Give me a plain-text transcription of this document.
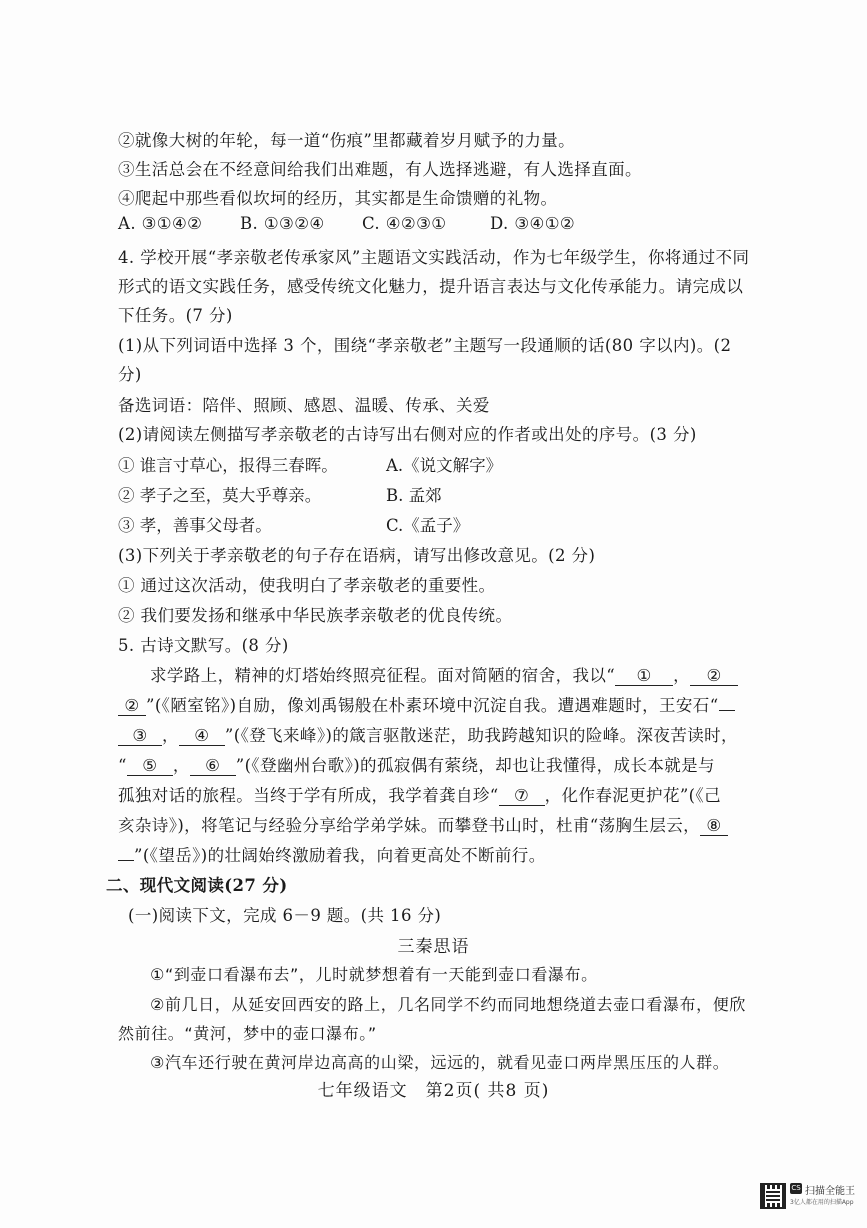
②就像大树的年轮，每一道“伤痕”里都藏着岁月赋予的力量。
③生活总会在不经意间给我们出难题，有人选择逃避，有人选择直面。
④爬起中那些看似坎坷的经历，其实都是生命馈赠的礼物。
A. ③①④② B. ①③②④ C. ④②③①	D. ③④①②
4. 学校开展“孝亲敬老传承家风”主题语文实践活动，作为七年级学生，你将通过不同
形式的语文实践任务，感受传统文化魅力，提升语言表达与文化传承能力。请完成以
下任务。(7 分)
(1)从下列词语中选择 3 个，围绕“孝亲敬老”主题写一段通顺的话(80 字以内)。(2
分)
备选词语：陪伴、照顾、感恩、温暖、传承、关爱
(2)请阅读左侧描写孝亲敬老的古诗写出右侧对应的作者或出处的序号。(3 分)
① 谁言寸草心，报得三春晖。	A.《说文解字》
② 孝子之至，莫大乎尊亲。	B. 孟郊
③ 孝，善事父母者。	C.《孟子》
(3)下列关于孝亲敬老的句子存在语病，请写出修改意见。(2 分)
① 通过这次活动，使我明白了孝亲敬老的重要性。
② 我们要发扬和继承中华民族孝亲敬老的优良传统。
5. 古诗文默写。(8 分)
求学路上，精神的灯塔始终照亮征程。面对简陋的宿舍，我以“ ① ， ②
② ”(《陋室铭》)自励，像刘禹锡般在朴素环境中沉淀自我。遭遇难题时，王安石“
③ ， ④ ”(《登飞来峰》)的箴言驱散迷茫，助我跨越知识的险峰。深夜苦读时，
“ ⑤ ， ⑥ ”(《登幽州台歌》)的孤寂偶有萦绕，却也让我懂得，成长本就是与
孤独对话的旅程。当终于学有所成，我学着龚自珍“ ⑦ ，化作春泥更护花”(《己
亥杂诗》)，将笔记与经验分享给学弟学妹。而攀登书山时，杜甫“荡胸生层云， ⑧
”(《望岳》)的壮阔始终激励着我，向着更高处不断前行。
二、现代文阅读(27 分)
(一)阅读下文，完成 6－9 题。(共 16 分)
三秦思语
①“到壶口看瀑布去”，儿时就梦想着有一天能到壶口看瀑布。
②前几日，从延安回西安的路上，几名同学不约而同地想绕道去壶口看瀑布，便欣
然前往。“黄河，梦中的壶口瀑布。”
③汽车还行驶在黄河岸边高高的山梁，远远的，就看见壶口两岸黑压压的人群。
七年级语文　第2页( 共8 页)
CS 扫描全能王
3亿人都在用的扫描App
